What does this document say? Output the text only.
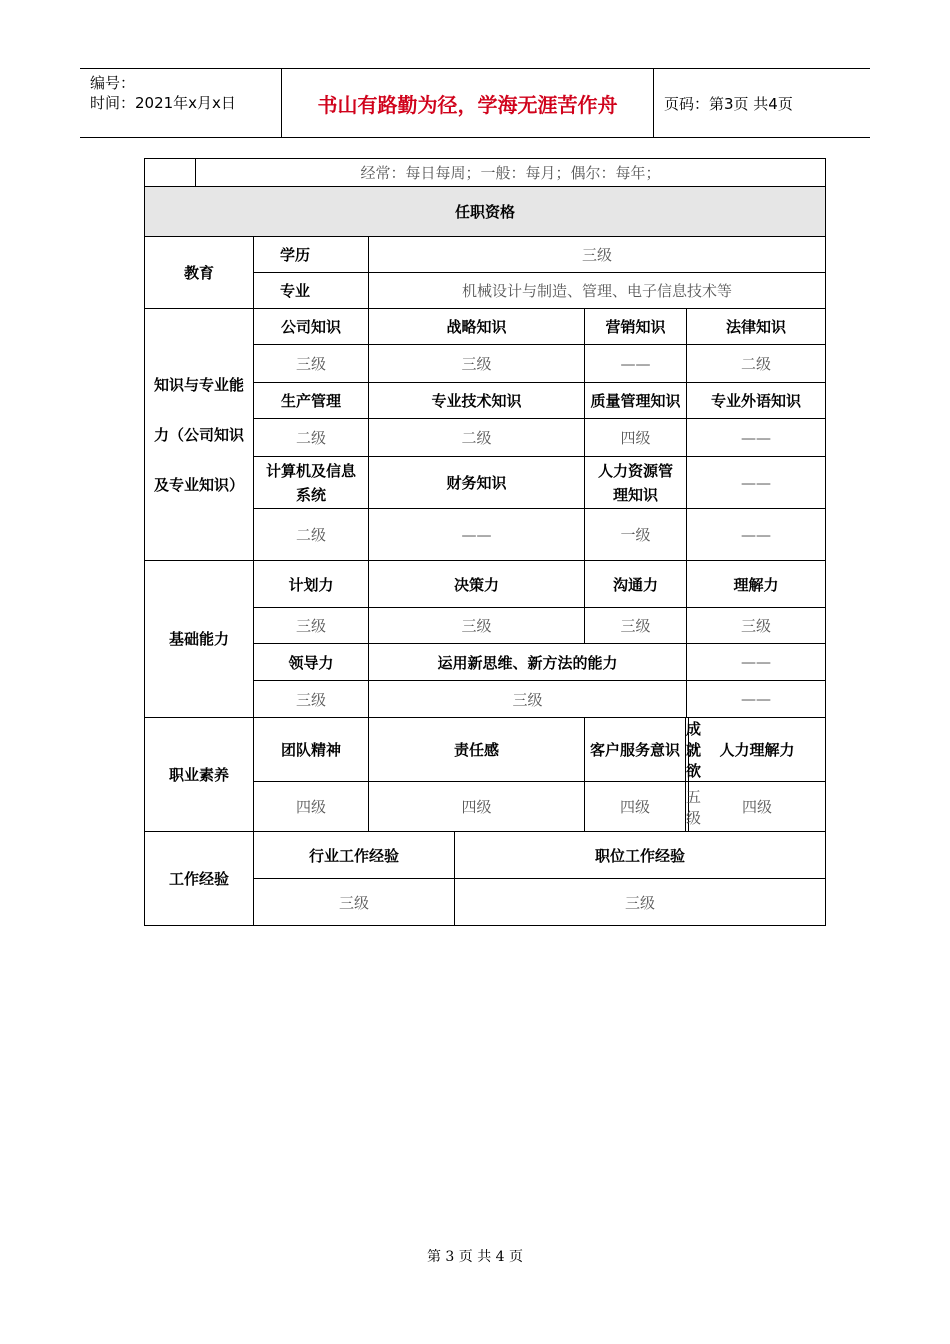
编号：
时间：2021年x月x日	书山有路勤为径，学海无涯苦作舟	页码：第3页 共4页
	经常：每日每周；一般：每月；偶尔：每年；						
任职资格							
教育		学历	三级				
		专业	机械设计与制造、管理、电子信息技术等				

知识与专业能力（公司知识及专业知识）		公司知识	战略知识		营销知识	法律知识	
		三级	三级		——	二级	
		生产管理	专业技术知识		质量管理知识	专业外语知识	
		二级	二级		四级	——	
		计算机及信息系统	财务知识		人力资源管理知识	——	
		二级	——		一级	——	
基础能力		计划力	决策力		沟通力	理解力	
		三级	三级		三级	三级	
		领导力	运用新思维、新方法的能力			——	
		三级	三级			——	
职业素养		团队精神	责任感		客户服务意识	成就欲	人力理解力
		四级	四级		四级	五级	四级
工作经验		行业工作经验		职位工作经验			
		三级		三级			
第 3 页 共 4 页
